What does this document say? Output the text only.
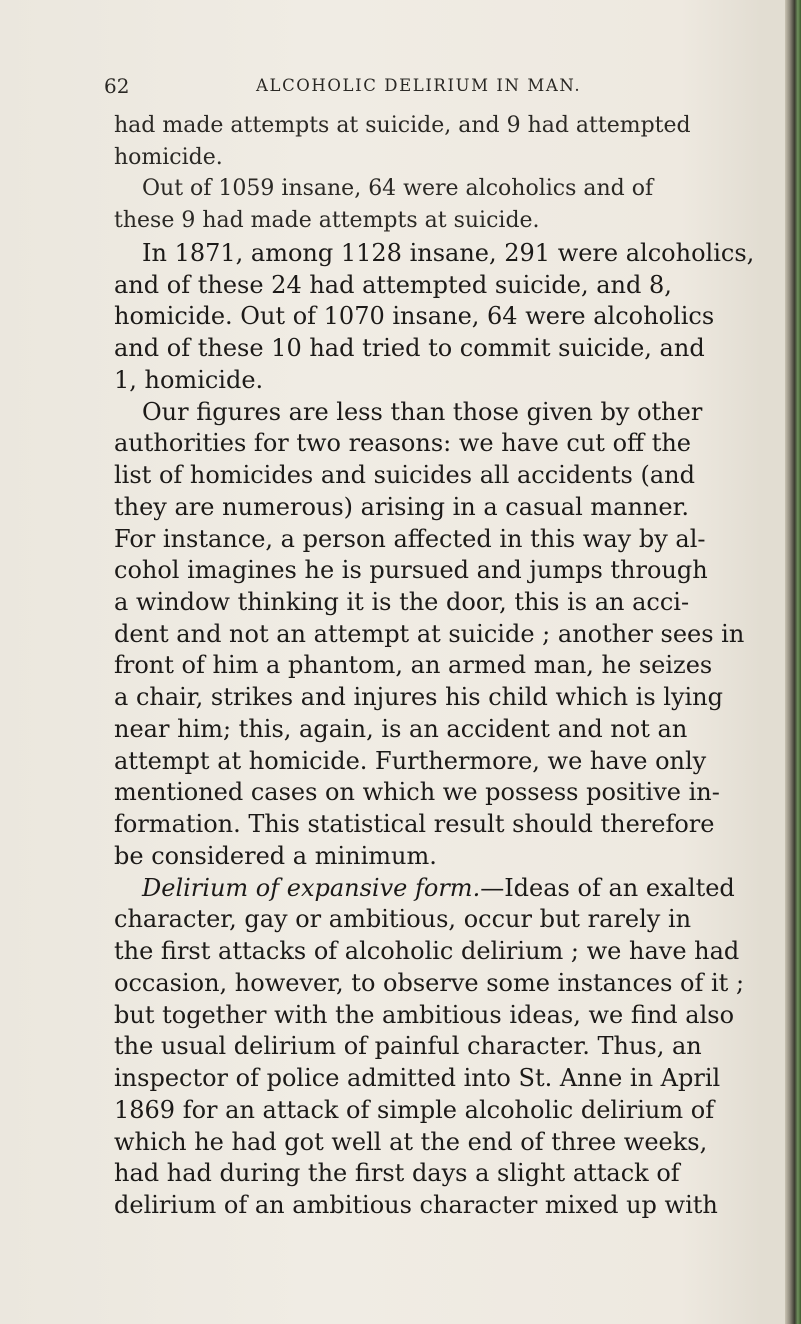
62	ALCOHOLIC DELIRIUM IN MAN.
had made attempts at suicide, and 9 had attempted
homicide.
Out of 1059 insane, 64 were alcoholics and of
these 9 had made attempts at suicide.
In 1871, among 1128 insane, 291 were alcoholics,
and of these 24 had attempted suicide, and 8,
homicide. Out of 1070 insane, 64 were alcoholics
and of these 10 had tried to commit suicide, and
1, homicide.
Our figures are less than those given by other
authorities for two reasons: we have cut off the
list of homicides and suicides all accidents (and
they are numerous) arising in a casual manner.
For instance, a person affected in this way by al-
cohol imagines he is pursued and jumps through
a window thinking it is the door, this is an acci-
dent and not an attempt at suicide ; another sees in
front of him a phantom, an armed man, he seizes
a chair, strikes and injures his child which is lying
near him; this, again, is an accident and not an
attempt at homicide. Furthermore, we have only
mentioned cases on which we possess positive in-
formation. This statistical result should therefore
be considered a minimum.
Delirium of expansive form.—Ideas of an exalted
character, gay or ambitious, occur but rarely in
the first attacks of alcoholic delirium ; we have had
occasion, however, to observe some instances of it ;
but together with the ambitious ideas, we find also
the usual delirium of painful character. Thus, an
inspector of police admitted into St. Anne in April
1869 for an attack of simple alcoholic delirium of
which he had got well at the end of three weeks,
had had during the first days a slight attack of
delirium of an ambitious character mixed up with
